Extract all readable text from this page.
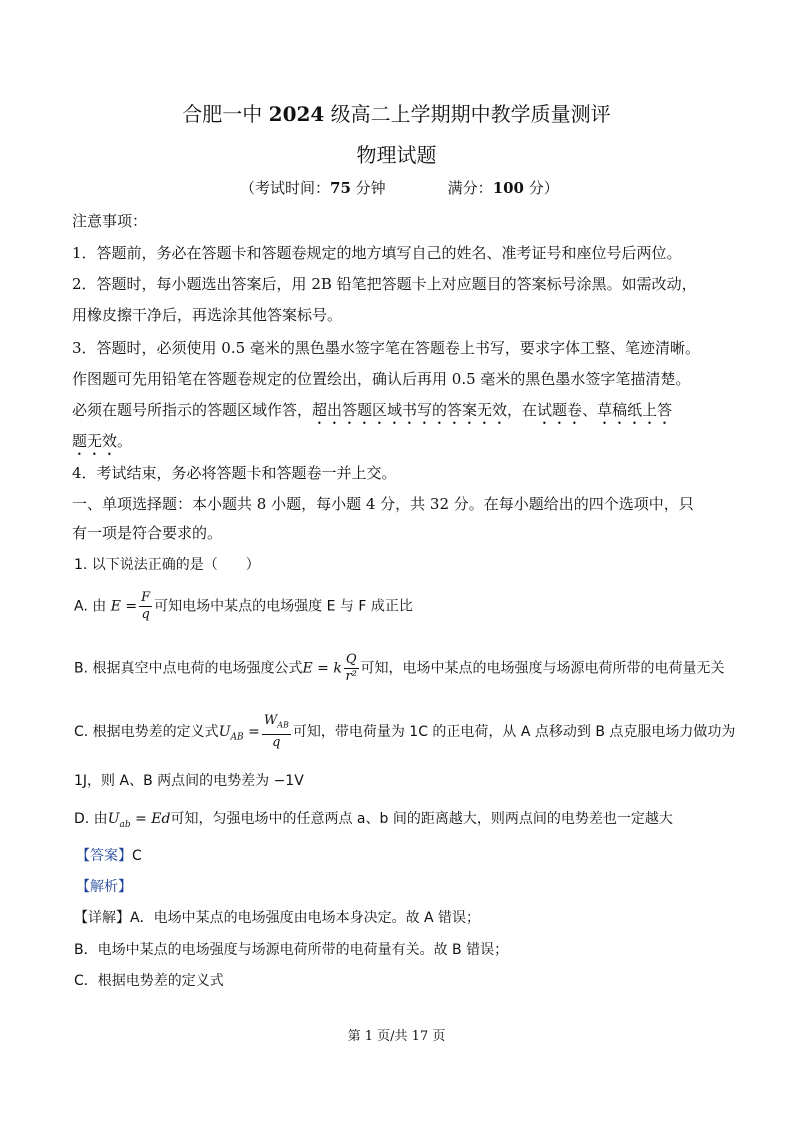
合肥一中 2024 级高二上学期期中教学质量测评
物理试题
（考试时间：75 分钟	满分：100 分）
注意事项：
1．答题前，务必在答题卡和答题卷规定的地方填写自己的姓名、准考证号和座位号后两位。
2．答题时，每小题选出答案后，用 2B 铅笔把答题卡上对应题目的答案标号涂黑。如需改动，
用橡皮擦干净后，再选涂其他答案标号。
3．答题时，必须使用 0.5 毫米的黑色墨水签字笔在答题卷上书写，要求字体工整、笔迹清晰。
作图题可先用铅笔在答题卷规定的位置绘出，确认后再用 0.5 毫米的黑色墨水签字笔描清楚。
必须在题号所指示的答题区域作答，超出答题区域书写的答案无效，在试题卷、草稿纸上答
题无效。
4．考试结束，务必将答题卡和答题卷一并上交。
一、单项选择题：本小题共 8 小题，每小题 4 分，共 32 分。在每小题给出的四个选项中，只
有一项是符合要求的。
1. 以下说法正确的是（　　）
A. 由 $E = \frac{F}{q}$ 可知电场中某点的电场强度 E 与 F 成正比
B. 根据真空中点电荷的电场强度公式E = k $\frac{Q}{\text{r²}}$ 可知，电场中某点的电场强度与场源电荷所带的电荷量无关
C. 根据电势差的定义式$U_{AB} = \frac{W_{AB}}{q}$ 可知，带电荷量为 1C 的正电荷，从 A 点移动到 B 点克服电场力做功为
1J，则 A、B 两点间的电势差为 −1V
D. 由$U_{ab} = Ed$可知，匀强电场中的任意两点 a、b 间的距离越大，则两点间的电势差也一定越大
【答案】C
【解析】
【详解】A．电场中某点的电场强度由电场本身决定。故 A 错误；
B．电场中某点的电场强度与场源电荷所带的电荷量有关。故 B 错误；
C．根据电势差的定义式
第 1 页/共 17 页
